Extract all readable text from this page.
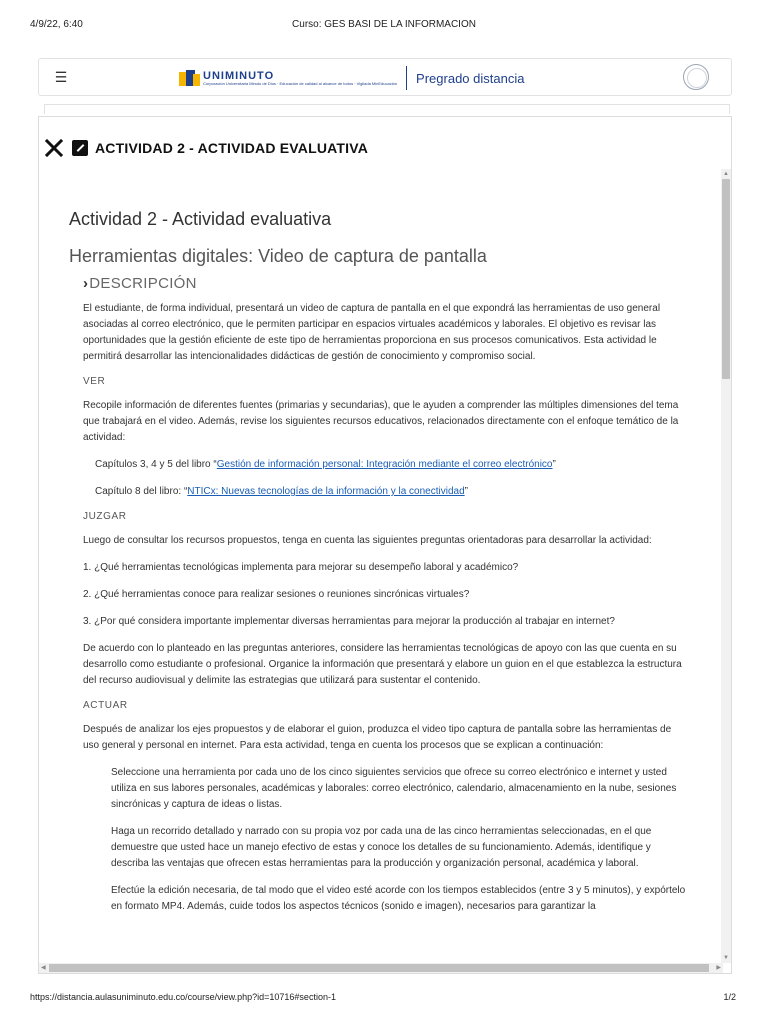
4/9/22, 6:40	Curso: GES BASI DE LA INFORMACION
☰	UNIMINUTO
Corporación Universitaria Minuto de Dios · Educación de calidad al alcance de todos · Vigilada MinEducación Pregrado distancia
ACTIVIDAD 2 - ACTIVIDAD EVALUATIVA
Actividad 2 - Actividad evaluativa
Herramientas digitales: Video de captura de pantalla
›DESCRIPCIÓN

El estudiante, de forma individual, presentará un video de captura de pantalla en el que expondrá las herramientas de uso general asociadas al correo electrónico, que le permiten participar en espacios virtuales académicos y laborales. El objetivo es revisar las oportunidades que la gestión eficiente de este tipo de herramientas proporciona en sus procesos comunicativos. Esta actividad le permitirá desarrollar las intencionalidades didácticas de gestión de conocimiento y compromiso social.

VER

Recopile información de diferentes fuentes (primarias y secundarias), que le ayuden a comprender las múltiples dimensiones del tema que trabajará en el video. Además, revise los siguientes recursos educativos, relacionados directamente con el enfoque temático de la actividad:

Capítulos 3, 4 y 5 del libro “Gestión de información personal: Integración mediante el correo electrónico”

Capítulo 8 del libro: “NTICx: Nuevas tecnologías de la información y la conectividad”

JUZGAR

Luego de consultar los recursos propuestos, tenga en cuenta las siguientes preguntas orientadoras para desarrollar la actividad:

1. ¿Qué herramientas tecnológicas implementa para mejorar su desempeño laboral y académico?

2. ¿Qué herramientas conoce para realizar sesiones o reuniones sincrónicas virtuales?

3. ¿Por qué considera importante implementar diversas herramientas para mejorar la producción al trabajar en internet?

De acuerdo con lo planteado en las preguntas anteriores, considere las herramientas tecnológicas de apoyo con las que cuenta en su desarrollo como estudiante o profesional. Organice la información que presentará y elabore un guion en el que establezca la estructura del recurso audiovisual y delimite las estrategias que utilizará para sustentar el contenido.

ACTUAR

Después de analizar los ejes propuestos y de elaborar el guion, produzca el video tipo captura de pantalla sobre las herramientas de uso general y personal en internet. Para esta actividad, tenga en cuenta los procesos que se explican a continuación:

Seleccione una herramienta por cada uno de los cinco siguientes servicios que ofrece su correo electrónico e internet y usted utiliza en sus labores personales, académicas y laborales: correo electrónico, calendario, almacenamiento en la nube, sesiones sincrónicas y captura de ideas o listas.

Haga un recorrido detallado y narrado con su propia voz por cada una de las cinco herramientas seleccionadas, en el que demuestre que usted hace un manejo efectivo de estas y conoce los detalles de su funcionamiento. Además, identifique y describa las ventajas que ofrecen estas herramientas para la producción y organización personal, académica y laboral.

Efectúe la edición necesaria, de tal modo que el video esté acorde con los tiempos establecidos (entre 3 y 5 minutos), y expórtelo en formato MP4. Además, cuide todos los aspectos técnicos (sonido e imagen), necesarios para garantizar la

▲
▼
◀	▶
https://distancia.aulasuniminuto.edu.co/course/view.php?id=10716#section-1	1/2
